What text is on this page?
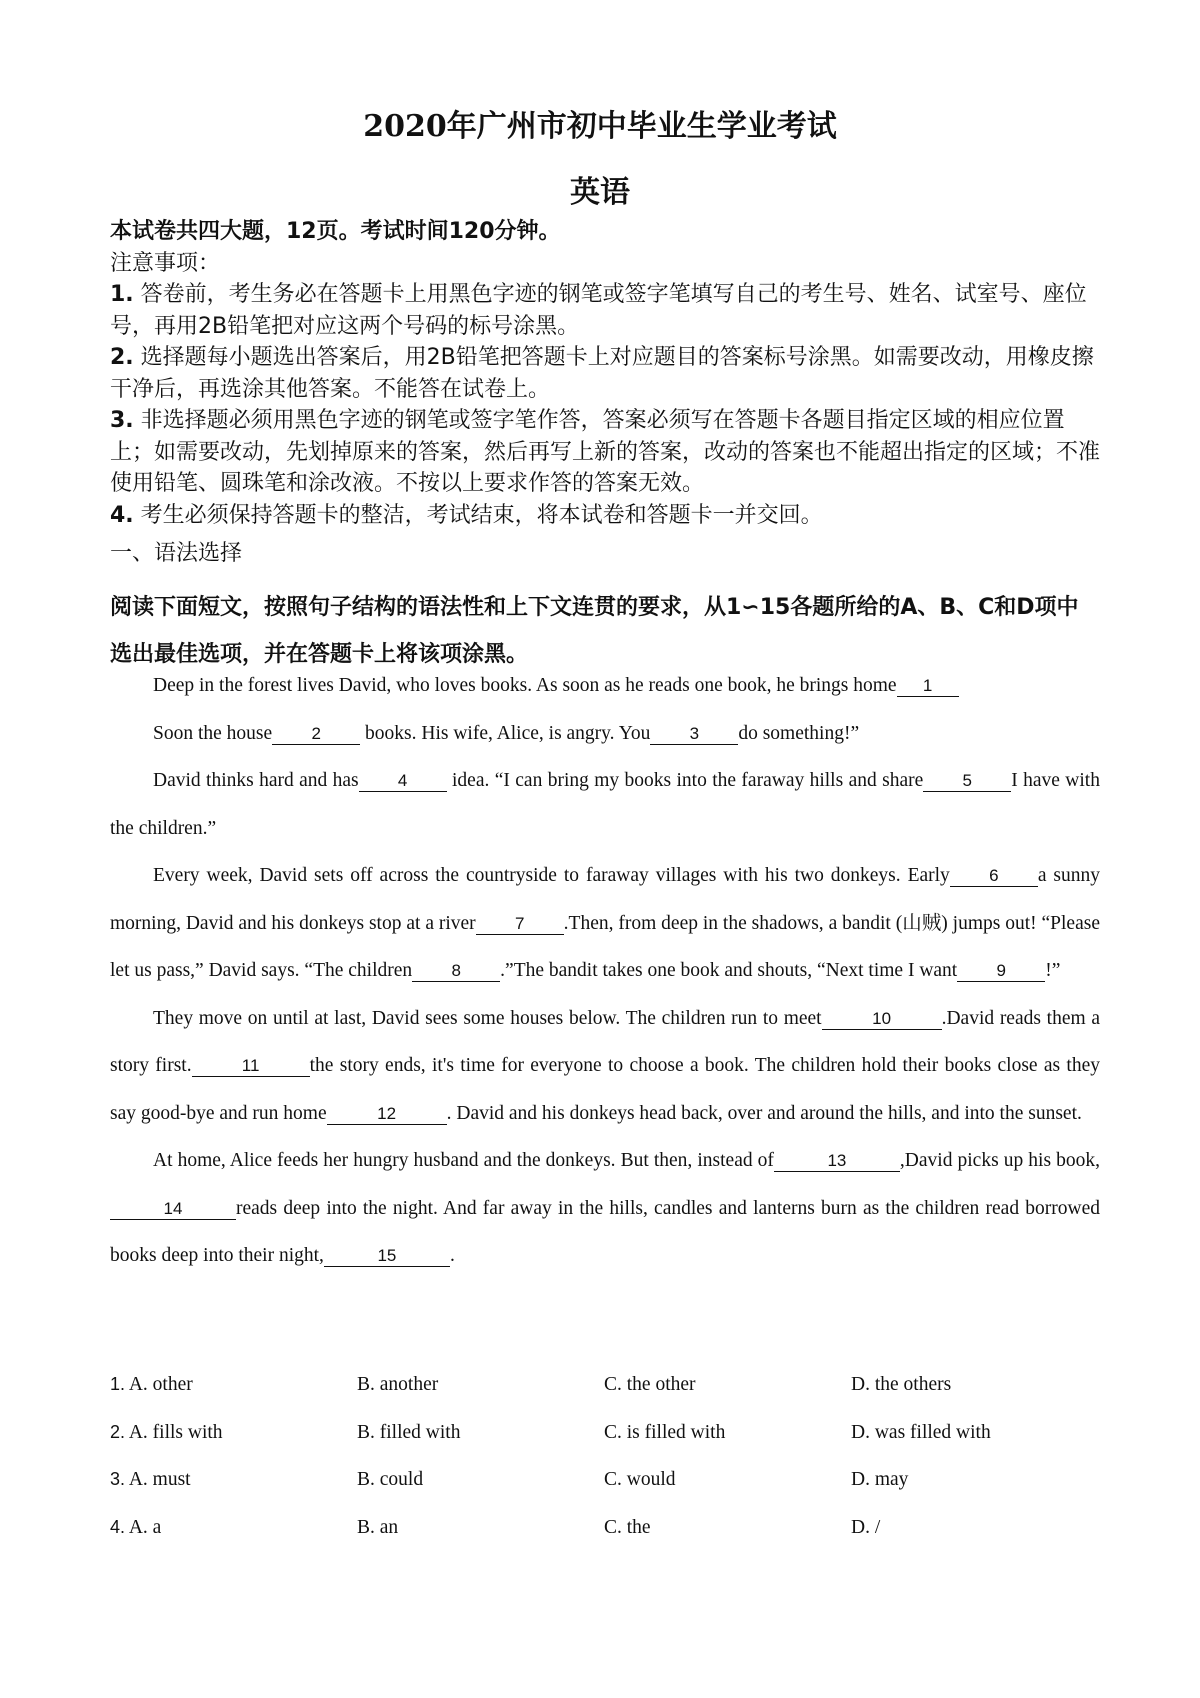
2020年广州市初中毕业生学业考试
英语

本试卷共四大题，12页。考试时间120分钟。

注意事项：

1. 答卷前，考生务必在答题卡上用黑色字迹的钢笔或签字笔填写自己的考生号、姓名、试室号、座位号，再用2B铅笔把对应这两个号码的标号涂黑。

2. 选择题每小题选出答案后，用2B铅笔把答题卡上对应题目的答案标号涂黑。如需要改动，用橡皮擦干净后，再选涂其他答案。不能答在试卷上。

3. 非选择题必须用黑色字迹的钢笔或签字笔作答，答案必须写在答题卡各题目指定区域的相应位置上；如需要改动，先划掉原来的答案，然后再写上新的答案，改动的答案也不能超出指定的区域；不准使用铅笔、圆珠笔和涂改液。不按以上要求作答的答案无效。

4. 考生必须保持答题卡的整洁，考试结束，将本试卷和答题卡一并交回。

一、语法选择
阅读下面短文，按照句子结构的语法性和上下文连贯的要求，从1∽15各题所给的A、B、C和D项中选出最佳选项，并在答题卡上将该项涂黑。

Deep in the forest lives David, who loves books. As soon as he reads one book, he brings home 1

Soon the house 2 books. His wife, Alice, is angry. You 3 do something!”

David thinks hard and has 4 idea. “I can bring my books into the faraway hills and share 5 I have with the children.”

Every week, David sets off across the countryside to faraway villages with his two donkeys. Early 6 a sunny morning, David and his donkeys stop at a river 7 .Then, from deep in the shadows, a bandit (山贼) jumps out! “Please let us pass,” David says. “The children 8 .”The bandit takes one book and shouts, “Next time I want 9 !”

They move on until at last, David sees some houses below. The children run to meet	10	.David reads them a story first.	11	the story ends, it's time for everyone to choose a book. The children hold their books close as they say good-bye and run home	12	. David and his donkeys head back, over and around the hills, and into the sunset.

At home, Alice feeds her hungry husband and the donkeys. But then, instead of	13	,David picks up his book,14	reads deep into the night. And far away in the hills, candles and lanterns burn as the children read borrowed books deep into their night,	15	.

1. A. other	B. another	C. the other	D. the others
2. A. fills with	B. filled with	C. is filled with	D. was filled with
3. A. must	B. could	C. would	D. may
4. A. a	B. an	C. the	D. /
